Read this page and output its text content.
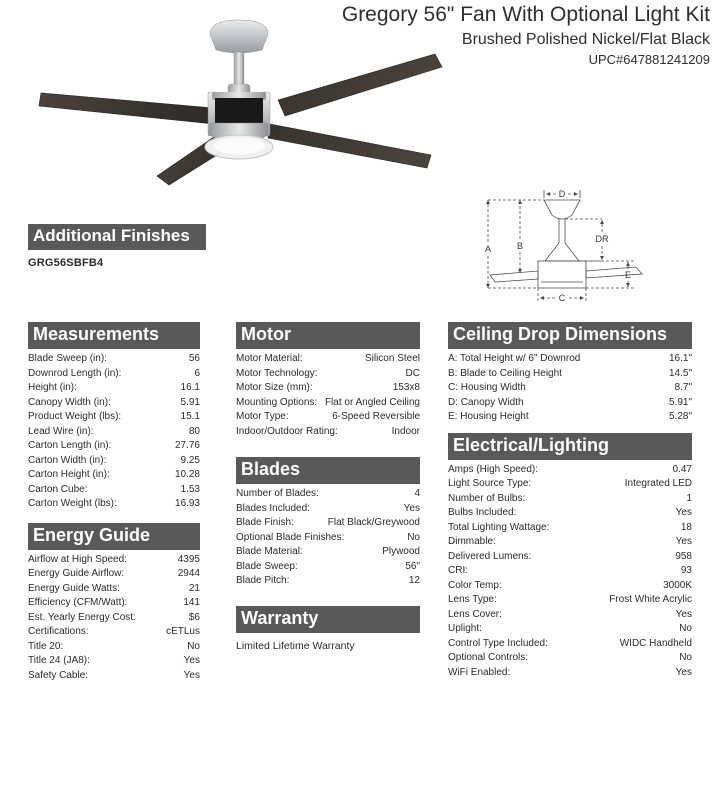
Gregory 56" Fan With Optional Light Kit
Brushed Polished Nickel/Flat Black
UPC#647881241209
Additional Finishes
GRG56SBFB4
A	B
C
D
E
DR
Measurements
Blade Sweep (in):	56
Downrod Length (in):	6
Height (in):	16.1
Canopy Width (in):	5.91
Product Weight (lbs):	15.1
Lead Wire (in):	80
Carton Length (in):	27.76
Carton Width (in):	9.25
Carton Height (in):	10.28
Carton Cube:	1.53
Carton Weight (lbs):	16.93
Energy Guide
Airflow at High Speed:	4395
Energy Guide Airflow:	2944
Energy Guide Watts:	21
Efficiency (CFM/Watt):	141
Est. Yearly Energy Cost:	$6
Certifications:	cETLus
Title 20:	No
Title 24 (JA8):	Yes
Safety Cable:	Yes
Motor
Motor Material:	Silicon Steel
Motor Technology:	DC
Motor Size (mm):	153x8
Mounting Options: Flat or Angled Ceiling
Motor Type:	6-Speed Reversible
Indoor/Outdoor Rating:	Indoor
Blades
Number of Blades:	4
Blades Included:	Yes
Blade Finish:	Flat Black/Greywood
Optional Blade Finishes:	No
Blade Material:	Plywood
Blade Sweep:	56"
Blade Pitch:	12
Warranty
Limited Lifetime Warranty
Ceiling Drop Dimensions
A: Total Height w/ 6" Downrod	16.1"
B: Blade to Ceiling Height	14.5"
C: Housing Width	8.7"
D: Canopy Width	5.91"
E: Housing Height	5.28"
Electrical/Lighting
Amps (High Speed):	0.47
Light Source Type:	Integrated LED
Number of Bulbs:	1
Bulbs Included:	Yes
Total Lighting Wattage:	18
Dimmable:	Yes
Delivered Lumens:	958
CRI:	93
Color Temp:	3000K
Lens Type:	Frost White Acrylic
Lens Cover:	Yes
Uplight:	No
Control Type Included:	WIDC Handheld
Optional Controls:	No
WiFi Enabled:	Yes
